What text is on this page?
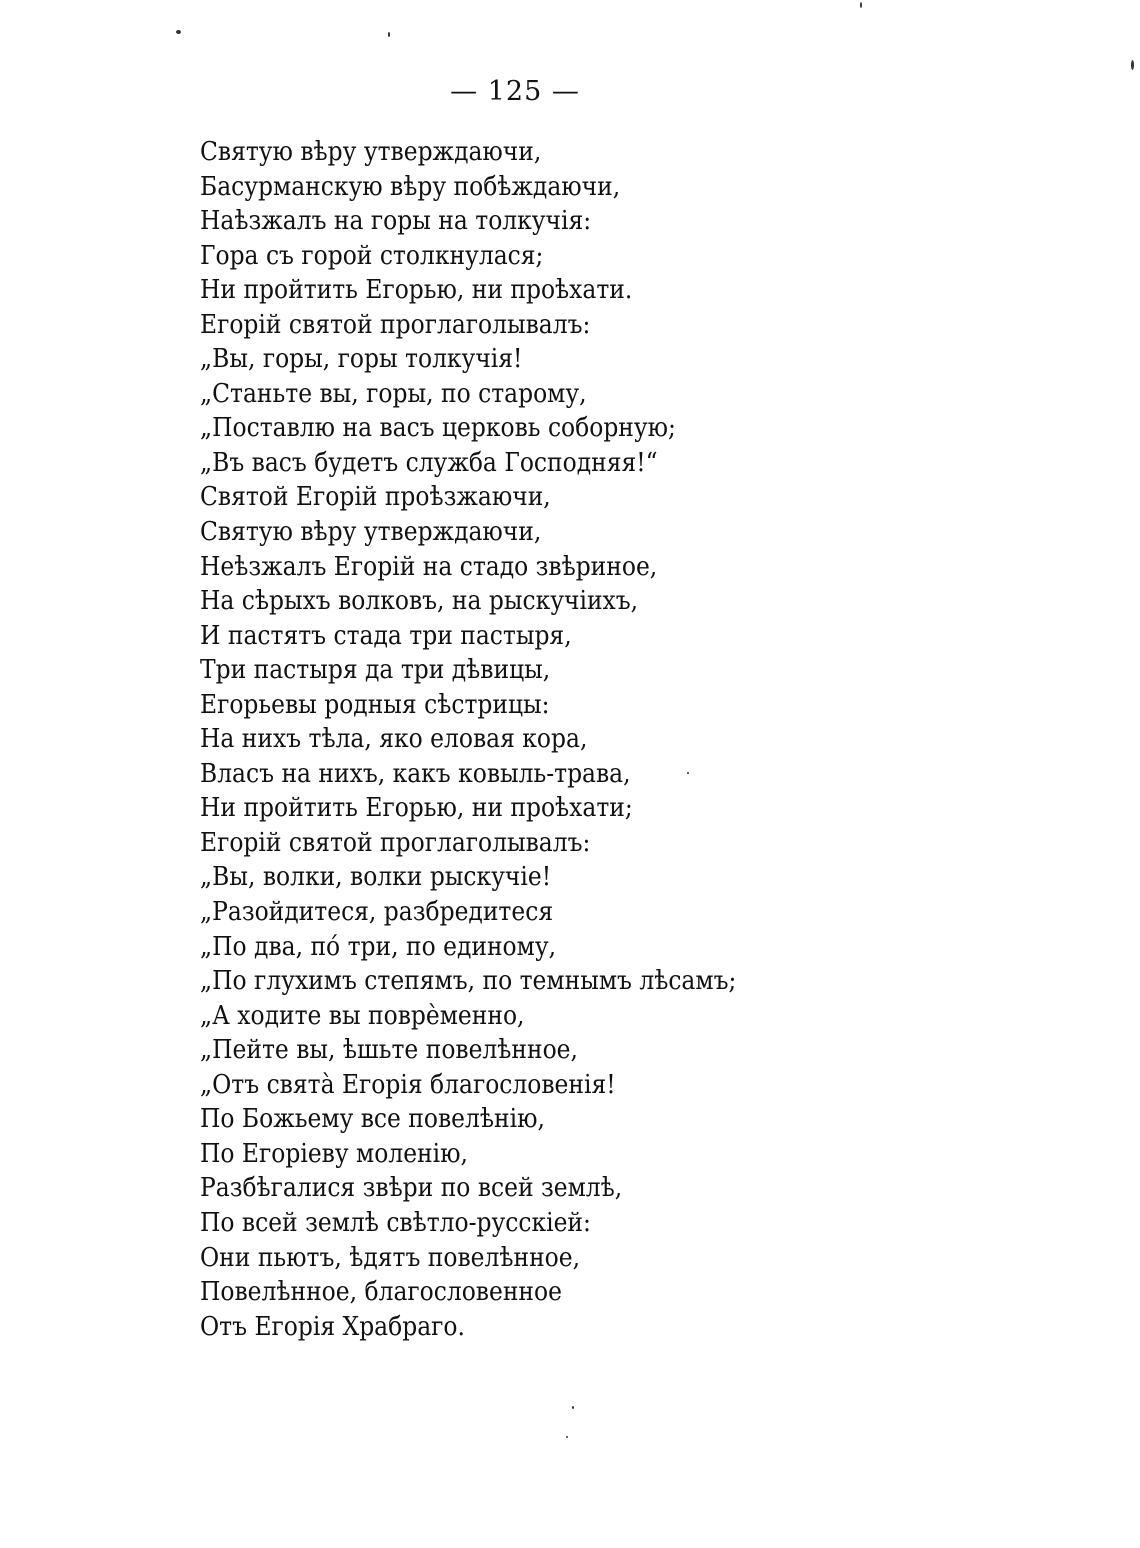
— 125 —
Святую вѣру утверждаючи,
Басурманскую вѣру побѣждаючи,
Наѣзжалъ на горы на толкучія:
Гора съ горой столкнулася;
Ни пройтить Егорью, ни проѣхати.
Егорій святой проглаголывалъ:
„Вы, горы, горы толкучія!
„Станьте вы, горы, по старому,
„Поставлю на васъ церковь соборную;
„Въ васъ будетъ служба Господняя!“
Святой Егорій проѣзжаючи,
Святую вѣру утверждаючи,
Неѣзжалъ Егорій на стадо звѣриное,
На сѣрыхъ волковъ, на рыскучіихъ,
И пастятъ стада три пастыря,
Три пастыря да три дѣвицы,
Егорьевы родныя сѣстрицы:
На нихъ тѣла, яко еловая кора,
Власъ на нихъ, какъ ковыль-трава,
Ни пройтить Егорью, ни проѣхати;
Егорій святой проглаголывалъ:
„Вы, волки, волки рыскучіе!
„Разойдитеся, разбредитеся
„По два, по́ три, по единому,
„По глухимъ степямъ, по темнымъ лѣсамъ;
„А ходите вы поврѐменно,
„Пейте вы, ѣшьте повелѣнное,
„Отъ свята̀ Егорія благословенія!
По Божьему все повелѣнію,
По Егоріеву моленію,
Разбѣгалися звѣри по всей землѣ,
По всей землѣ свѣтло-русскіей:
Они пьютъ, ѣдятъ повелѣнное,
Повелѣнное, благословенное
Отъ Егорія Храбраго.
